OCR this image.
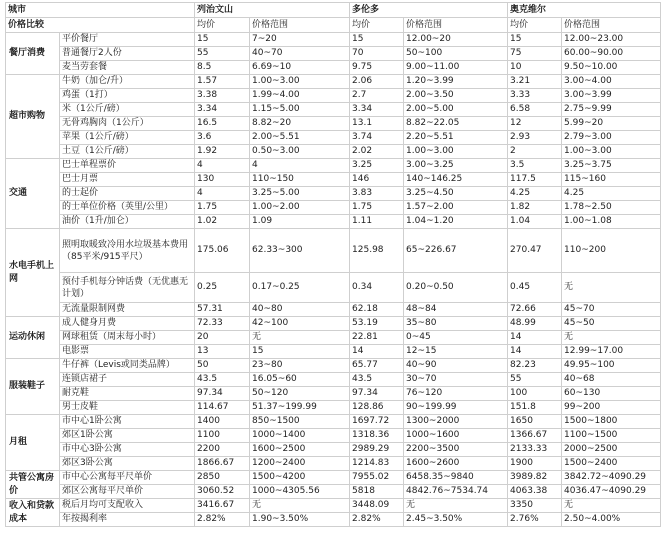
城市		列治文山		多伦多		奥克维尔	
价格比较		均价	价格范围	均价	价格范围	均价	价格范围
餐厅消费	平价餐厅	15	7~20	15	12.00~20	15	12.00~23.00
	普通餐厅2人份	55	40~70	70	50~100	75	60.00~90.00
	麦当劳套餐	8.5	6.69~10	9.75	9.00~11.00	10	9.50~10.00
超市购物	牛奶（加仑/升）	1.57	1.00~3.00	2.06	1.20~3.99	3.21	3.00~4.00
	鸡蛋（1打）	3.38	1.99~4.00	2.7	2.00~3.50	3.33	3.00~3.99
	米（1公斤/磅）	3.34	1.15~5.00	3.34	2.00~5.00	6.58	2.75~9.99
	无骨鸡胸肉（1公斤）	16.5	8.82~20	13.1	8.82~22.05	12	5.99~20
	苹果（1公斤/磅）	3.6	2.00~5.51	3.74	2.20~5.51	2.93	2.79~3.00
	土豆（1公斤/磅）	1.92	0.50~3.00	2.02	1.00~3.00	2	1.00~3.00
交通	巴士单程票价	4	4	3.25	3.00~3.25	3.5	3.25~3.75
	巴士月票	130	110~150	146	140~146.25	117.5	115~160
	的士起价	4	3.25~5.00	3.83	3.25~4.50	4.25	4.25
	的士单位价格（英里/公里）	1.75	1.00~2.00	1.75	1.57~2.00	1.82	1.78~2.50
	油价（1升/加仑）	1.02	1.09	1.11	1.04~1.20	1.04	1.00~1.08
水电手机上网	照明取暖致冷用水垃圾基本费用（85平米/915平尺）	175.06	62.33~300	125.98	65~226.67	270.47	110~200
	预付手机每分钟话费（无优惠无计划）	0.25	0.17~0.25	0.34	0.20~0.50	0.45	无
	无流量限制网费	57.31	40~80	62.18	48~84	72.66	45~70
运动休闲	成人健身月费	72.33	42~100	53.19	35~80	48.99	45~50
	网球租赁（周末每小时）	20	无	22.81	0~45	14	无
	电影票	13	15	14	12~15	14	12.99~17.00
服装鞋子	牛仔裤（Levis或同类品牌）	50	23~80	65.77	40~90	82.23	49.95~100
	连锁店裙子	43.5	16.05~60	43.5	30~70	55	40~68
	耐克鞋	97.34	50~120	97.34	76~120	100	60~130
	男士皮鞋	114.67	51.37~199.99	128.86	90~199.99	151.8	99~200
月租	市中心1卧公寓	1400	850~1500	1697.72	1300~2000	1650	1500~1800
	郊区1卧公寓	1100	1000~1400	1318.36	1000~1600	1366.67	1100~1500
	市中心3卧公寓	2200	1600~2500	2989.29	2200~3500	2133.33	2000~2500
	郊区3卧公寓	1866.67	1200~2400	1214.83	1600~2600	1900	1500~2400
共管公寓房价	市中心公寓每平尺单价	2850	1500~4200	7955.02	6458.35~9840	3989.82	3842.72~4090.29
	郊区公寓每平尺单价	3060.52	1000~4305.56	5818	4842.76~7534.74	4063.38	4036.47~4090.29
收入和贷款成本	税后月均可支配收入	3416.67	无	3448.09	无	3350	无
	年按揭利率	2.82%	1.90~3.50%	2.82%	2.45~3.50%	2.76%	2.50~4.00%
